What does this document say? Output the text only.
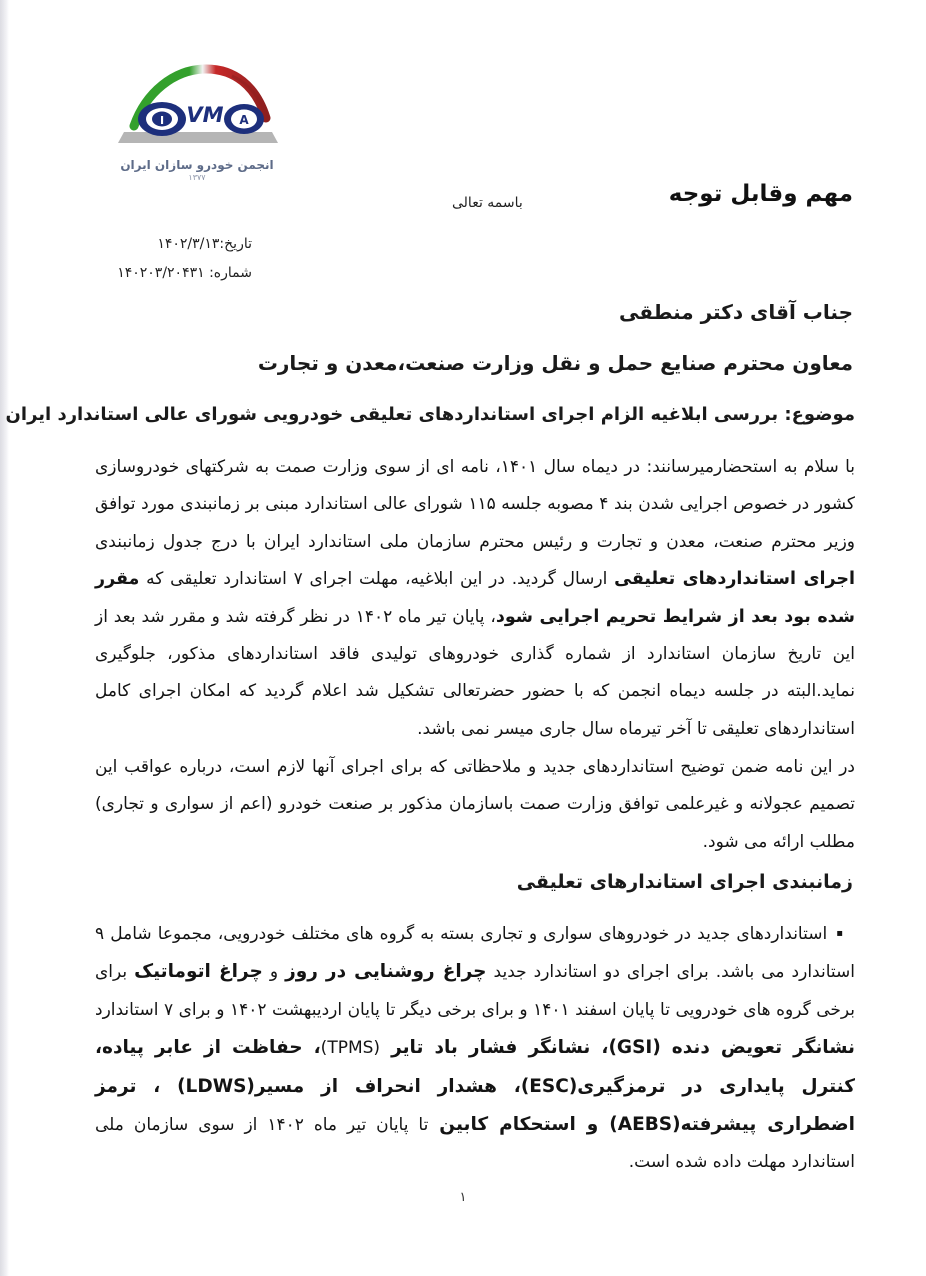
I VM A
انجمن خودرو سازان ایران
۱۳۷۷
مهم وقابل توجه
باسمه تعالی
تاریخ:۱۴۰۲/۳/۱۳
شماره: ۱۴۰۲۰۳/۲۰۴۳۱
جناب آقای دکتر منطقی
معاون محترم صنایع حمل و نقل وزارت صنعت،معدن و تجارت
موضوع: بررسی ابلاغیه الزام اجرای استانداردهای تعلیقی خودرویی شورای عالی استاندارد ایران
با سلام به استحضارمیرسانند: در دیماه سال ۱۴۰۱، نامه ای از سوی وزارت صمت به شرکتهای خودروسازی کشور در خصوص اجرایی شدن بند ۴ مصوبه جلسه ۱۱۵ شورای عالی استاندارد مبنی بر زمانبندی مورد توافق وزیر محترم صنعت، معدن و تجارت و رئیس محترم سازمان ملی استاندارد ایران با درج جدول زمانبندی اجرای استانداردهای تعلیقی ارسال گردید. در این ابلاغیه، مهلت اجرای ۷ استاندارد تعلیقی که مقرر شده بود بعد از شرایط تحریم اجرایی شود، پایان تیر ماه ۱۴۰۲ در نظر گرفته شد و مقرر شد بعد از این تاریخ سازمان استاندارد از شماره گذاری خودروهای تولیدی فاقد استانداردهای مذکور، جلوگیری نماید.البته در جلسه دیماه انجمن که با حضور حضرتعالی تشکیل شد اعلام گردید که امکان اجرای کامل استانداردهای تعلیقی تا آخر تیرماه سال جاری میسر نمی باشد.
در این نامه ضمن توضیح استانداردهای جدید و ملاحظاتی که برای اجرای آنها لازم است، درباره عواقب این تصمیم عجولانه و غیرعلمی توافق وزارت صمت باسازمان مذکور بر صنعت خودرو (اعم از سواری و تجاری) مطلب ارائه می شود.
زمانبندی اجرای استاندارهای تعلیقی
▪استانداردهای جدید در خودروهای سواری و تجاری بسته به گروه های مختلف خودرویی، مجموعا شامل ۹ استاندارد می باشد. برای اجرای دو استاندارد جدید چراغ روشنایی در روز و چراغ اتوماتیک برای برخی گروه های خودرویی تا پایان اسفند ۱۴۰۱ و برای برخی دیگر تا پایان اردیبهشت ۱۴۰۲ و برای ۷ استاندارد نشانگر تعویض دنده (GSI)، نشانگر فشار باد تایر (TPMS)، حفاظت از عابر پیاده، کنترل پایداری در ترمزگیری(ESC)، هشدار انحراف از مسیر(LDWS) ، ترمز اضطراری پیشرفته(AEBS) و استحکام کابین تا پایان تیر ماه ۱۴۰۲ از سوی سازمان ملی استاندارد مهلت داده شده است.
۱
